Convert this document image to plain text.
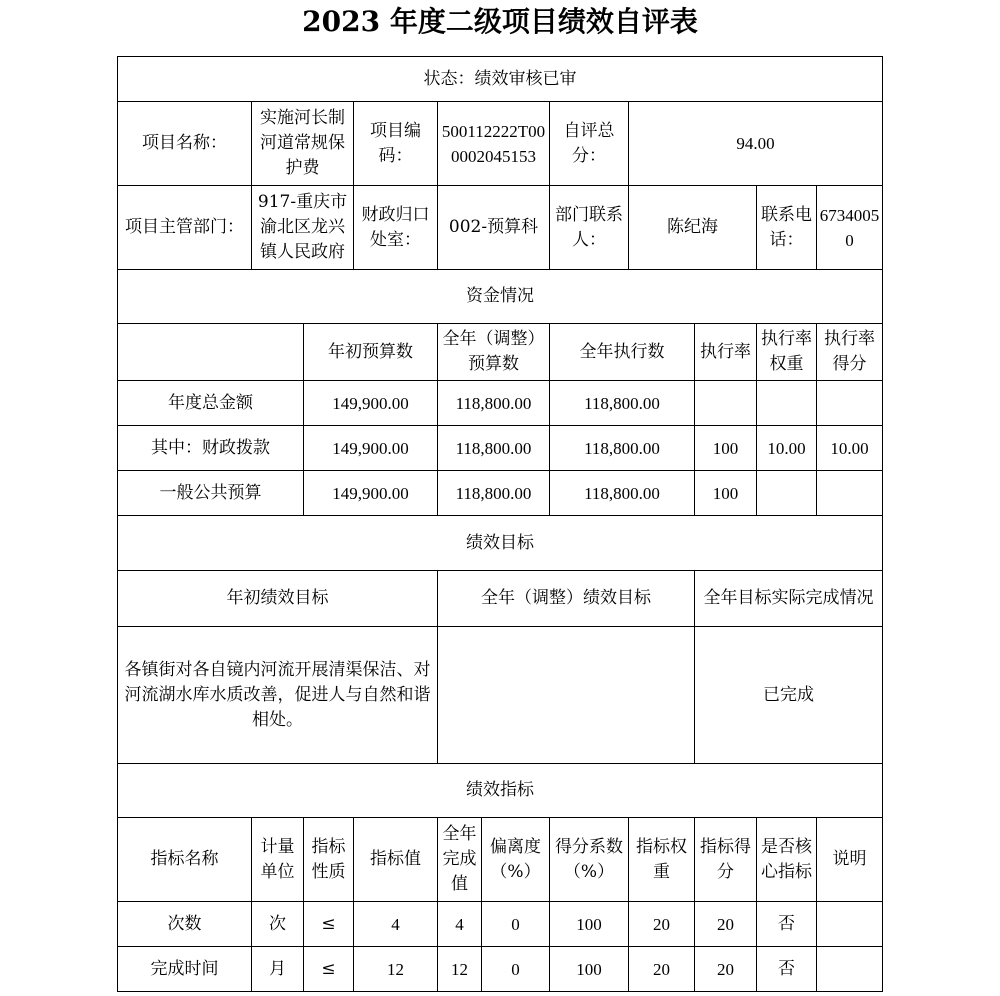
2023 年度二级项目绩效自评表
状态：绩效审核已审										
项目名称：	实施河长制河道常规保护费		项目编码：	500112222T000002045153		自评总分：	94.00			
项目主管部门：	917-重庆市渝北区龙兴镇人民政府		财政归口处室：	002-预算科		部门联系人：	陈纪海		联系电话：	67340050
资金情况										
		年初预算数		全年（调整）预算数		全年执行数		执行率	执行率权重	执行率得分
年度总金额		149,900.00		118,800.00		118,800.00				
其中：财政拨款		149,900.00		118,800.00		118,800.00		100	10.00	10.00
一般公共预算		149,900.00		118,800.00		118,800.00		100		
绩效目标										
年初绩效目标				全年（调整）绩效目标				全年目标实际完成情况		
各镇街对各自镜内河流开展清渠保洁、对河流湖水库水质改善，促进人与自然和谐相处。								已完成		
绩效指标										
指标名称	计量单位	指标性质	指标值	全年完成值	偏离度（%）	得分系数（%）	指标权重	指标得分	是否核心指标	说明
次数	次	≤	4	4	0	100	20	20	否	
完成时间	月	≤	12	12	0	100	20	20	否	
